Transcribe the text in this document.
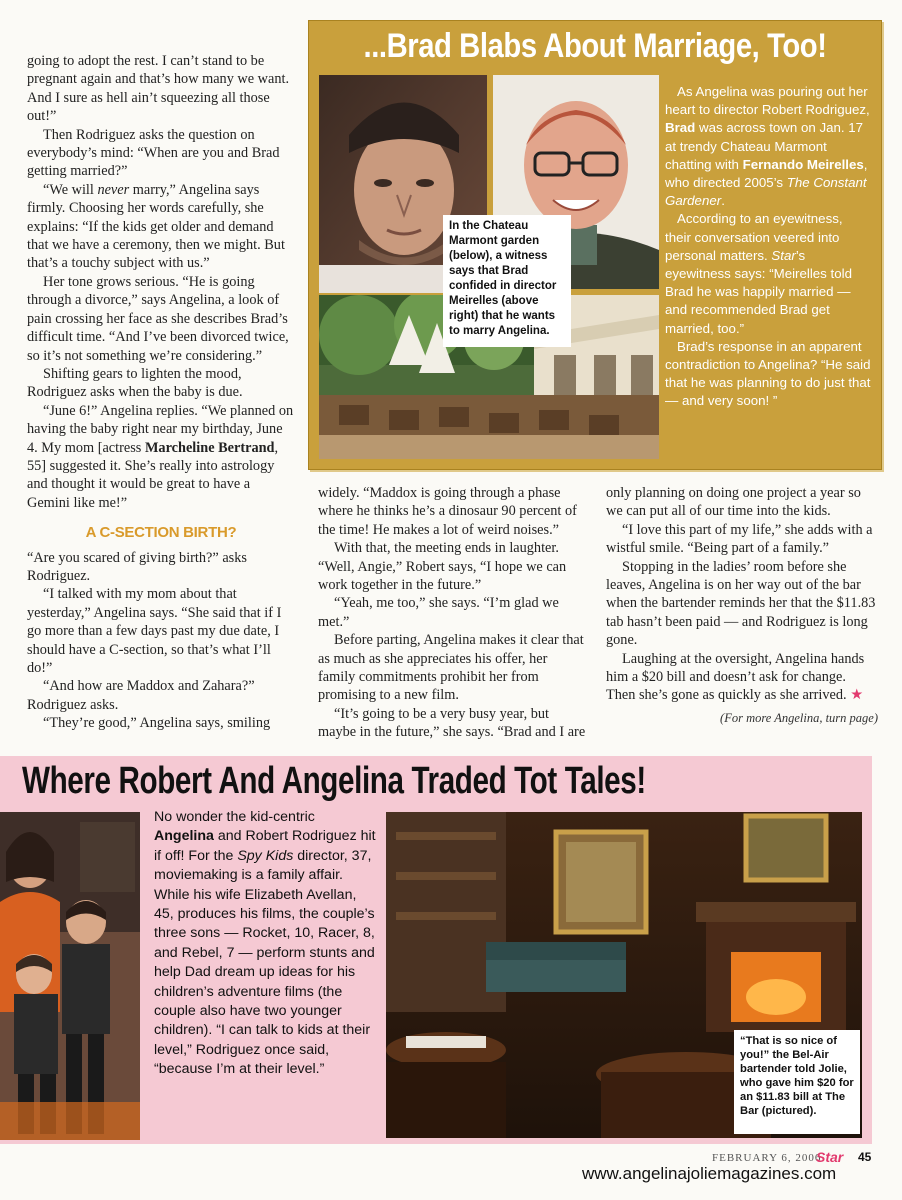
going to adopt the rest. I can’t stand to be pregnant again and that’s how many we want. And I sure as hell ain’t squeezing all those out!”

Then Rodriguez asks the question on everybody’s mind: “When are you and Brad getting married?”

“We will never marry,” Angelina says firmly. Choosing her words carefully, she explains: “If the kids get older and demand that we have a ceremony, then we might. But that’s a touchy subject with us.”

Her tone grows serious. “He is going through a divorce,” says Angelina, a look of pain crossing her face as she describes Brad’s difficult time. “And I’ve been divorced twice, so it’s not something we’re considering.”

Shifting gears to lighten the mood, Rodriguez asks when the baby is due.

“June 6!” Angelina replies. “We planned on having the baby right near my birthday, June 4. My mom [actress Marcheline Bertrand, 55] suggested it. She’s really into astrology and thought it would be great to have a Gemini like me!”

A C-SECTION BIRTH?

“Are you scared of giving birth?” asks Rodriguez.

“I talked with my mom about that yesterday,” Angelina says. “She said that if I go more than a few days past my due date, I should have a C-section, so that’s what I’ll do!”

“And how are Maddox and Zahara?” Rodriguez asks.

“They’re good,” Angelina says, smiling

widely. “Maddox is going through a phase where he thinks he’s a dinosaur 90 percent of the time! He makes a lot of weird noises.”

With that, the meeting ends in laughter. “Well, Angie,” Robert says, “I hope we can work together in the future.”

“Yeah, me too,” she says. “I’m glad we met.”

Before parting, Angelina makes it clear that as much as she appreciates his offer, her family commitments prohibit her from promising to a new film.

“It’s going to be a very busy year, but maybe in the future,” she says. “Brad and I are

only planning on doing one project a year so we can put all of our time into the kids.

“I love this part of my life,” she adds with a wistful smile. “Being part of a family.”

Stopping in the ladies’ room before she leaves, Angelina is on her way out of the bar when the bartender reminds her that the $11.83 tab hasn’t been paid — and Rodriguez is long gone.

Laughing at the oversight, Angelina hands him a $20 bill and doesn’t ask for change. Then she’s gone as quickly as she arrived. ★

(For more Angelina, turn page)
...Brad Blabs About Marriage, Too!
In the Chateau Marmont garden (below), a witness says that Brad confided in director Meirelles (above right) that he wants to marry Angelina.

As Angelina was pouring out her heart to director Robert Rodriguez, Brad was across town on Jan. 17 at trendy Chateau Marmont chatting with Fernando Meirelles, who directed 2005’s The Constant Gardener.

According to an eyewitness, their conversation veered into personal matters. Star’s eyewitness says: “Meirelles told Brad he was happily married — and recommended Brad get married, too.”

Brad’s response in an apparent contradiction to Angelina? “He said that he was planning to do just that — and very soon! ”

Where Robert And Angelina Traded Tot Tales!
No wonder the kid-centric Angelina and Robert Rodriguez hit if off! For the Spy Kids director, 37, moviemaking is a family affair. While his wife Elizabeth Avellan, 45, produces his films, the couple’s three sons — Rocket, 10, Racer, 8, and Rebel, 7 — perform stunts and help Dad dream up ideas for his children’s adventure films (the couple also have two younger children). “I can talk to kids at their level,” Rodriguez once said, “because I’m at their level.”
“That is so nice of you!” the Bel-Air bartender told Jolie, who gave him $20 for an $11.83 bill at The Bar (pictured).
FEBRUARY 6, 2006
Star 45
www.angelinajoliemagazines.com
